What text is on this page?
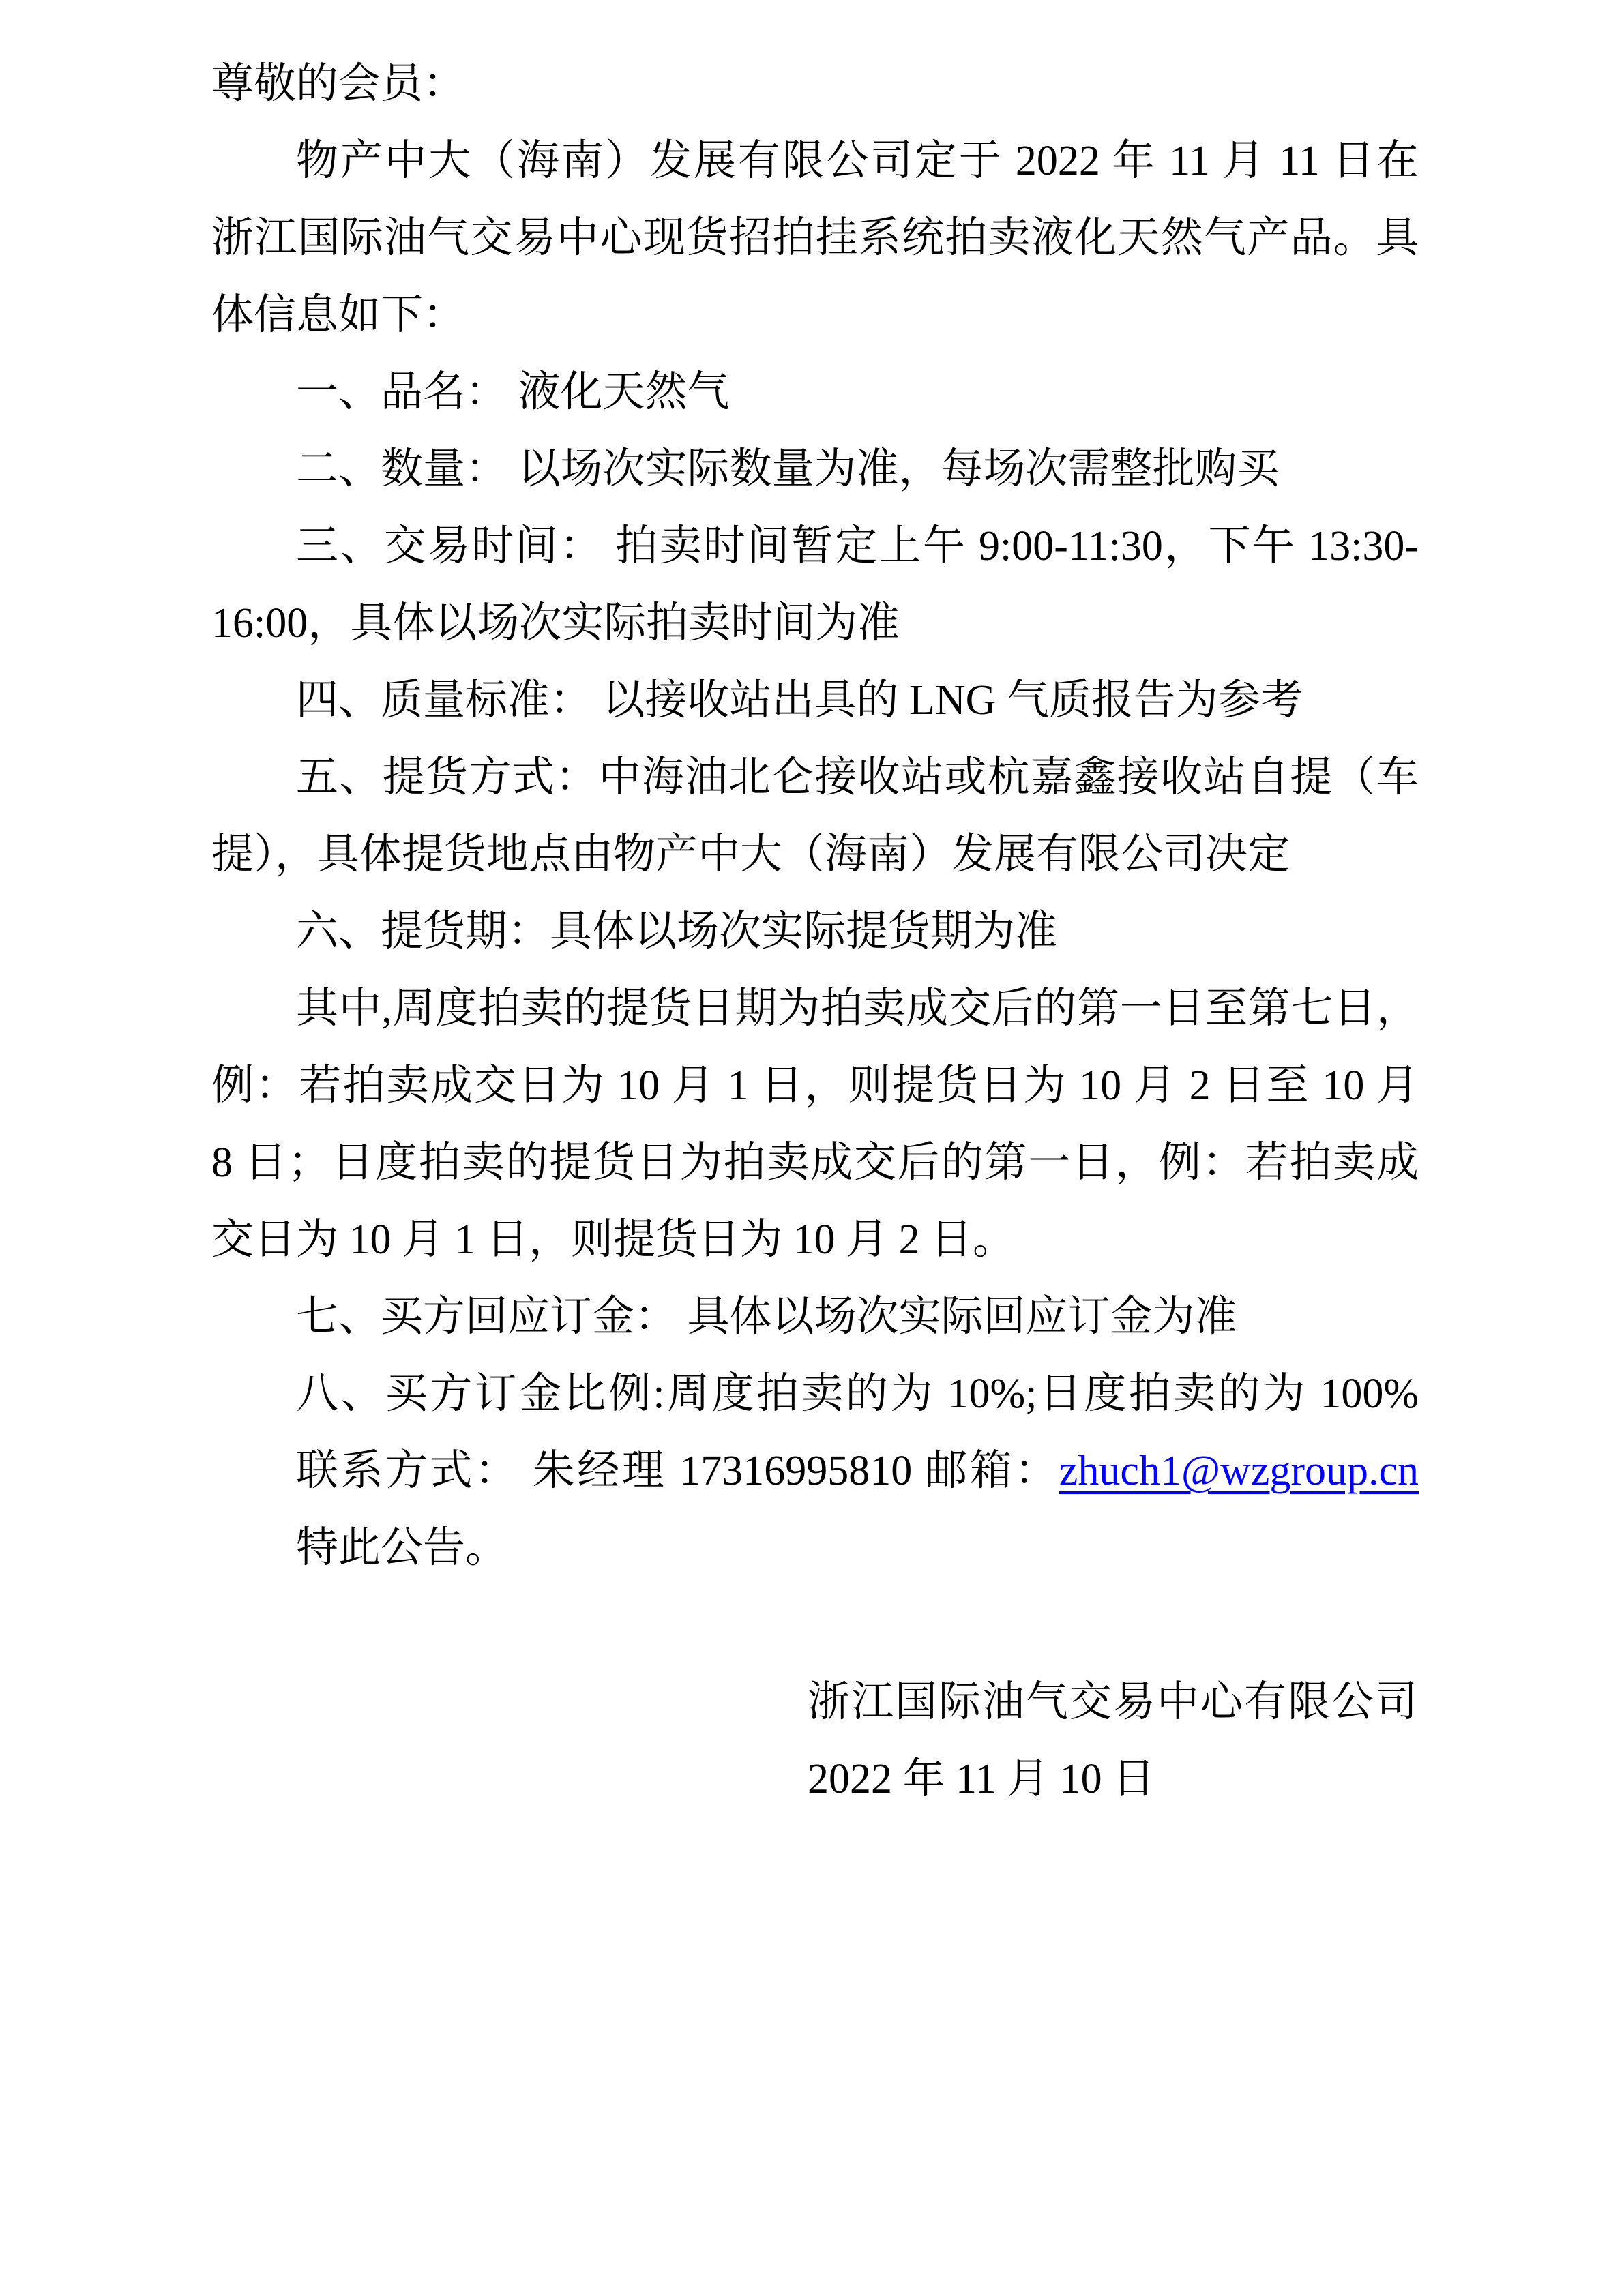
尊敬的会员：
物产中大（海南）发展有限公司定于 2022 年 11 月 11 日在
浙江国际油气交易中心现货招拍挂系统拍卖液化天然气产品。具
体信息如下：
一、品名： 液化天然气
二、数量： 以场次实际数量为准，每场次需整批购买
三、交易时间： 拍卖时间暂定上午 9:00-11:30，下午 13:30-
16:00，具体以场次实际拍卖时间为准
四、质量标准： 以接收站出具的 LNG 气质报告为参考
五、提货方式：中海油北仑接收站或杭嘉鑫接收站自提（车
提），具体提货地点由物产中大（海南）发展有限公司决定
六、提货期：具体以场次实际提货期为准
其中,周度拍卖的提货日期为拍卖成交后的第一日至第七日，
例：若拍卖成交日为 10 月 1 日，则提货日为 10 月 2 日至 10 月
8 日；日度拍卖的提货日为拍卖成交后的第一日，例：若拍卖成
交日为 10 月 1 日，则提货日为 10 月 2 日。
七、买方回应订金： 具体以场次实际回应订金为准
八、买方订金比例:周度拍卖的为 10%;日度拍卖的为 100%
联系方式： 朱经理 17316995810 邮箱：zhuch1@wzgroup.cn
特此公告。
浙江国际油气交易中心有限公司
2022 年 11 月 10 日
